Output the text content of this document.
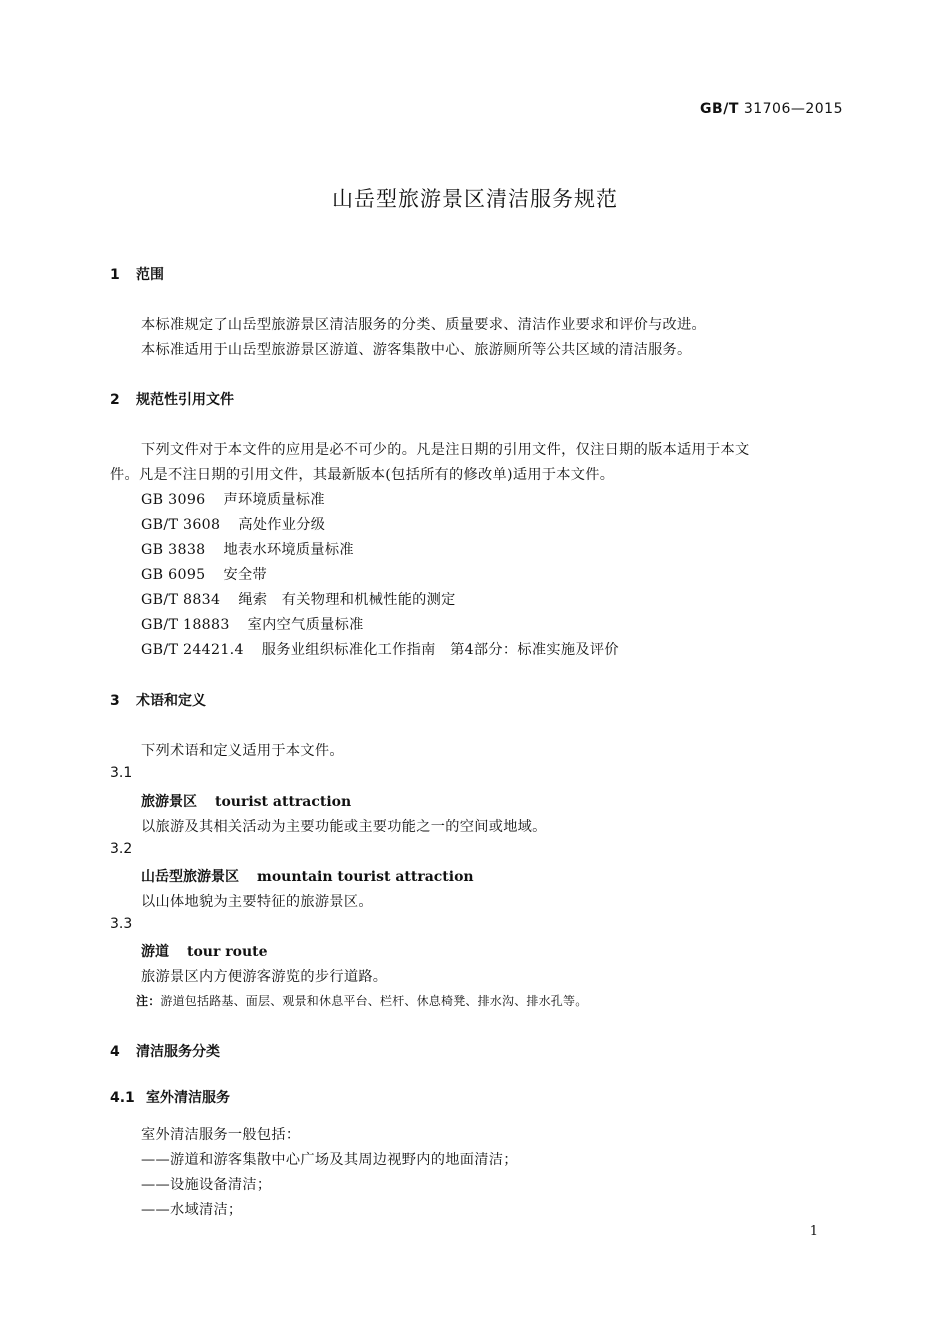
GB/T 31706—2015
山岳型旅游景区清洁服务规范
1 范围
本标准规定了山岳型旅游景区清洁服务的分类、质量要求、清洁作业要求和评价与改进。
本标准适用于山岳型旅游景区游道、游客集散中心、旅游厕所等公共区域的清洁服务。
2 规范性引用文件
下列文件对于本文件的应用是必不可少的。凡是注日期的引用文件，仅注日期的版本适用于本文
件。凡是不注日期的引用文件，其最新版本(包括所有的修改单)适用于本文件。
GB 3096 声环境质量标准
GB/T 3608 高处作业分级
GB 3838 地表水环境质量标准
GB 6095 安全带
GB/T 8834 绳索　有关物理和机械性能的测定
GB/T 18883 室内空气质量标准
GB/T 24421.4 服务业组织标准化工作指南　第4部分：标准实施及评价
3 术语和定义
下列术语和定义适用于本文件。
3.1
旅游景区 tourist attraction
以旅游及其相关活动为主要功能或主要功能之一的空间或地域。
3.2
山岳型旅游景区 mountain tourist attraction
以山体地貌为主要特征的旅游景区。
3.3
游道 tour route
旅游景区内方便游客游览的步行道路。
注：游道包括路基、面层、观景和休息平台、栏杆、休息椅凳、排水沟、排水孔等。
4 清洁服务分类
4.1 室外清洁服务
室外清洁服务一般包括：
——游道和游客集散中心广场及其周边视野内的地面清洁；
——设施设备清洁；
——水域清洁；
1
